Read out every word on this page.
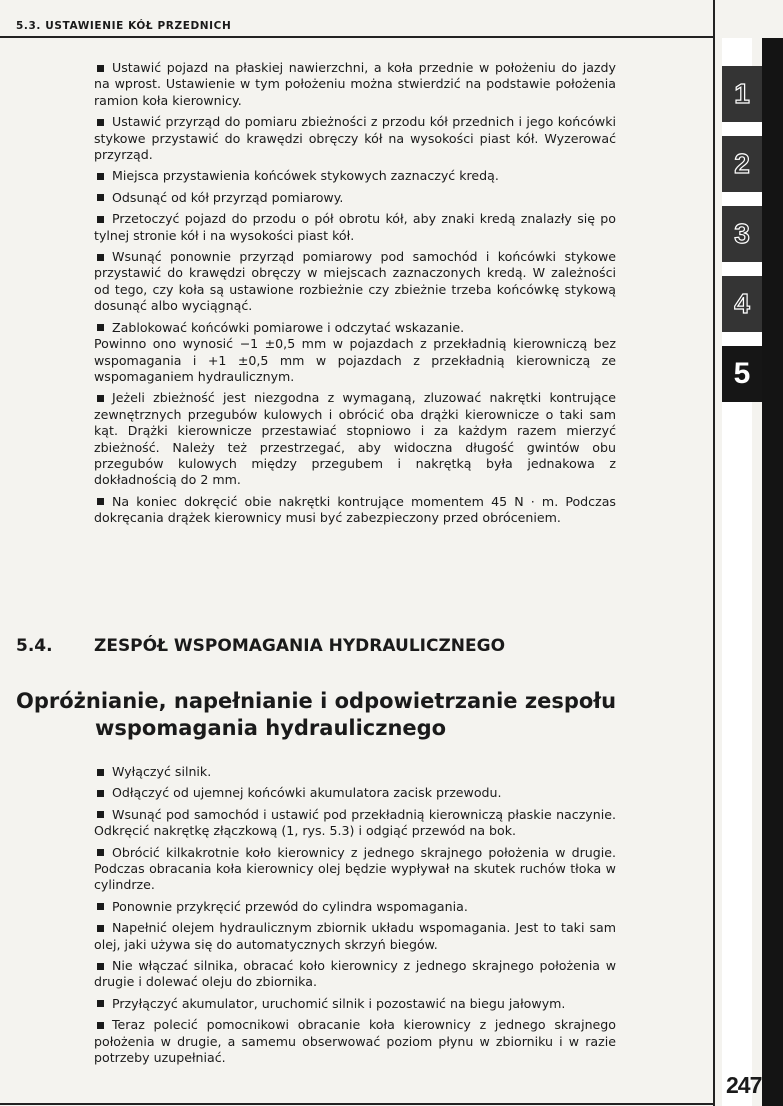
5.3. USTAWIENIE KÓŁ PRZEDNICH
1
2
3
4
5

Ustawić pojazd na płaskiej nawierzchni, a koła przednie w położeniu do jazdy na wprost. Ustawienie w tym położeniu można stwierdzić na podstawie położenia ramion koła kierownicy.

Ustawić przyrząd do pomiaru zbieżności z przodu kół przednich i jego końcówki stykowe przystawić do krawędzi obręczy kół na wysokości piast kół. Wyzerować przyrząd.

Miejsca przystawienia końcówek stykowych zaznaczyć kredą.

Odsunąć od kół przyrząd pomiarowy.

Przetoczyć pojazd do przodu o pół obrotu kół, aby znaki kredą znalazły się po tylnej stronie kół i na wysokości piast kół.

Wsunąć ponownie przyrząd pomiarowy pod samochód i końcówki stykowe przystawić do krawędzi obręczy w miejscach zaznaczonych kredą. W zależności od tego, czy koła są ustawione rozbieżnie czy zbieżnie trzeba końcówkę stykową dosunąć albo wyciągnąć.

Zablokować końcówki pomiarowe i odczytać wskazanie.

Powinno ono wynosić −1 ±0,5 mm w pojazdach z przekładnią kierowniczą bez wspomagania i +1 ±0,5 mm w pojazdach z przekładnią kierowniczą ze wspomaganiem hydraulicznym.

Jeżeli zbieżność jest niezgodna z wymaganą, zluzować nakrętki kontrujące zewnętrznych przegubów kulowych i obrócić oba drążki kierownicze o taki sam kąt. Drążki kierownicze przestawiać stopniowo i za każdym razem mierzyć zbieżność. Należy też przestrzegać, aby widoczna długość gwintów obu przegubów kulowych między przegubem i nakrętką była jednakowa z dokładnością do 2 mm.

Na koniec dokręcić obie nakrętki kontrujące momentem 45 N · m. Podczas dokręcania drążek kierownicy musi być zabezpieczony przed obróceniem.

5.4. ZESPÓŁ WSPOMAGANIA HYDRAULICZNEGO
Opróżnianie, napełnianie i odpowietrzanie zespołu
wspomagania hydraulicznego

Wyłączyć silnik.

Odłączyć od ujemnej końcówki akumulatora zacisk przewodu.

Wsunąć pod samochód i ustawić pod przekładnią kierowniczą płaskie naczynie. Odkręcić nakrętkę złączkową (1, rys. 5.3) i odgiąć przewód na bok.

Obrócić kilkakrotnie koło kierownicy z jednego skrajnego położenia w drugie. Podczas obracania koła kierownicy olej będzie wypływał na skutek ruchów tłoka w cylindrze.

Ponownie przykręcić przewód do cylindra wspomagania.

Napełnić olejem hydraulicznym zbiornik układu wspomagania. Jest to taki sam olej, jaki używa się do automatycznych skrzyń biegów.

Nie włączać silnika, obracać koło kierownicy z jednego skrajnego położenia w drugie i dolewać oleju do zbiornika.

Przyłączyć akumulator, uruchomić silnik i pozostawić na biegu jałowym.

Teraz polecić pomocnikowi obracanie koła kierownicy z jednego skrajnego położenia w drugie, a samemu obserwować poziom płynu w zbiorniku i w razie potrzeby uzupełniać.

247
